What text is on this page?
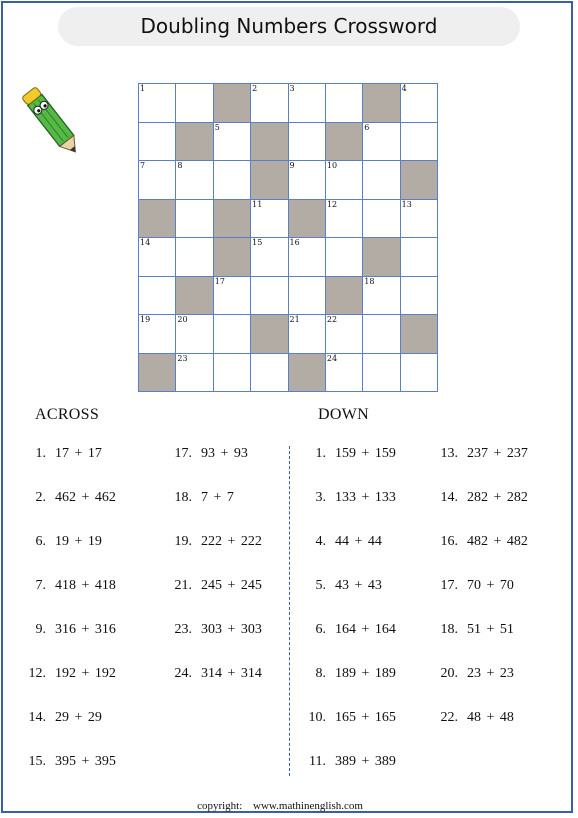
Doubling Numbers Crossword
1			2	3			4

		5				6	

7	8			9	10		

			11		12		13

14			15	16			

		17				18	

19	20			21	22		

	23				24		

ACROSS	DOWN
1. 17 + 17
2. 462 + 462
6. 19 + 19
7. 418 + 418
9. 316 + 316
12. 192 + 192
14. 29 + 29
15. 395 + 395
17. 93 + 93
18. 7 + 7
19. 222 + 222
21. 245 + 245
23. 303 + 303
24. 314 + 314
1. 159 + 159
3. 133 + 133
4. 44 + 44
5. 43 + 43
6. 164 + 164
8. 189 + 189
10. 165 + 165
11. 389 + 389
13. 237 + 237
14. 282 + 282
16. 482 + 482
17. 70 + 70
18. 51 + 51
20. 23 + 23
22. 48 + 48
copyright: www.mathinenglish.com
